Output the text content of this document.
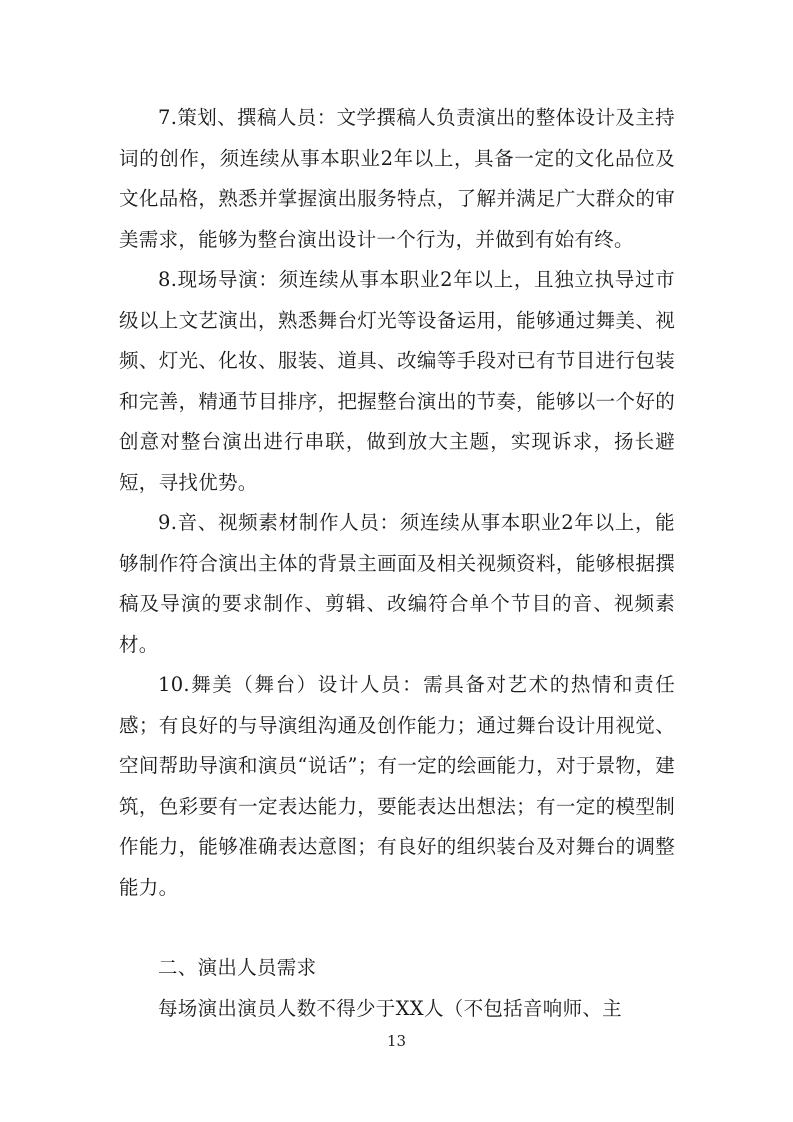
7.策划、撰稿人员：文学撰稿人负责演出的整体设计及主持词的创作，须连续从事本职业2年以上，具备一定的文化品位及文化品格，熟悉并掌握演出服务特点，了解并满足广大群众的审美需求，能够为整台演出设计一个行为，并做到有始有终。

8.现场导演：须连续从事本职业2年以上，且独立执导过市级以上文艺演出，熟悉舞台灯光等设备运用，能够通过舞美、视频、灯光、化妆、服装、道具、改编等手段对已有节目进行包装和完善，精通节目排序，把握整台演出的节奏，能够以一个好的创意对整台演出进行串联，做到放大主题，实现诉求，扬长避短，寻找优势。

9.音、视频素材制作人员：须连续从事本职业2年以上，能够制作符合演出主体的背景主画面及相关视频资料，能够根据撰稿及导演的要求制作、剪辑、改编符合单个节目的音、视频素材。

10.舞美（舞台）设计人员：需具备对艺术的热情和责任感；有良好的与导演组沟通及创作能力；通过舞台设计用视觉、空间帮助导演和演员“说话”；有一定的绘画能力，对于景物，建筑，色彩要有一定表达能力，要能表达出想法；有一定的模型制作能力，能够准确表达意图；有良好的组织装台及对舞台的调整能力。

二、演出人员需求

每场演出演员人数不得少于XX人（不包括音响师、主

13
